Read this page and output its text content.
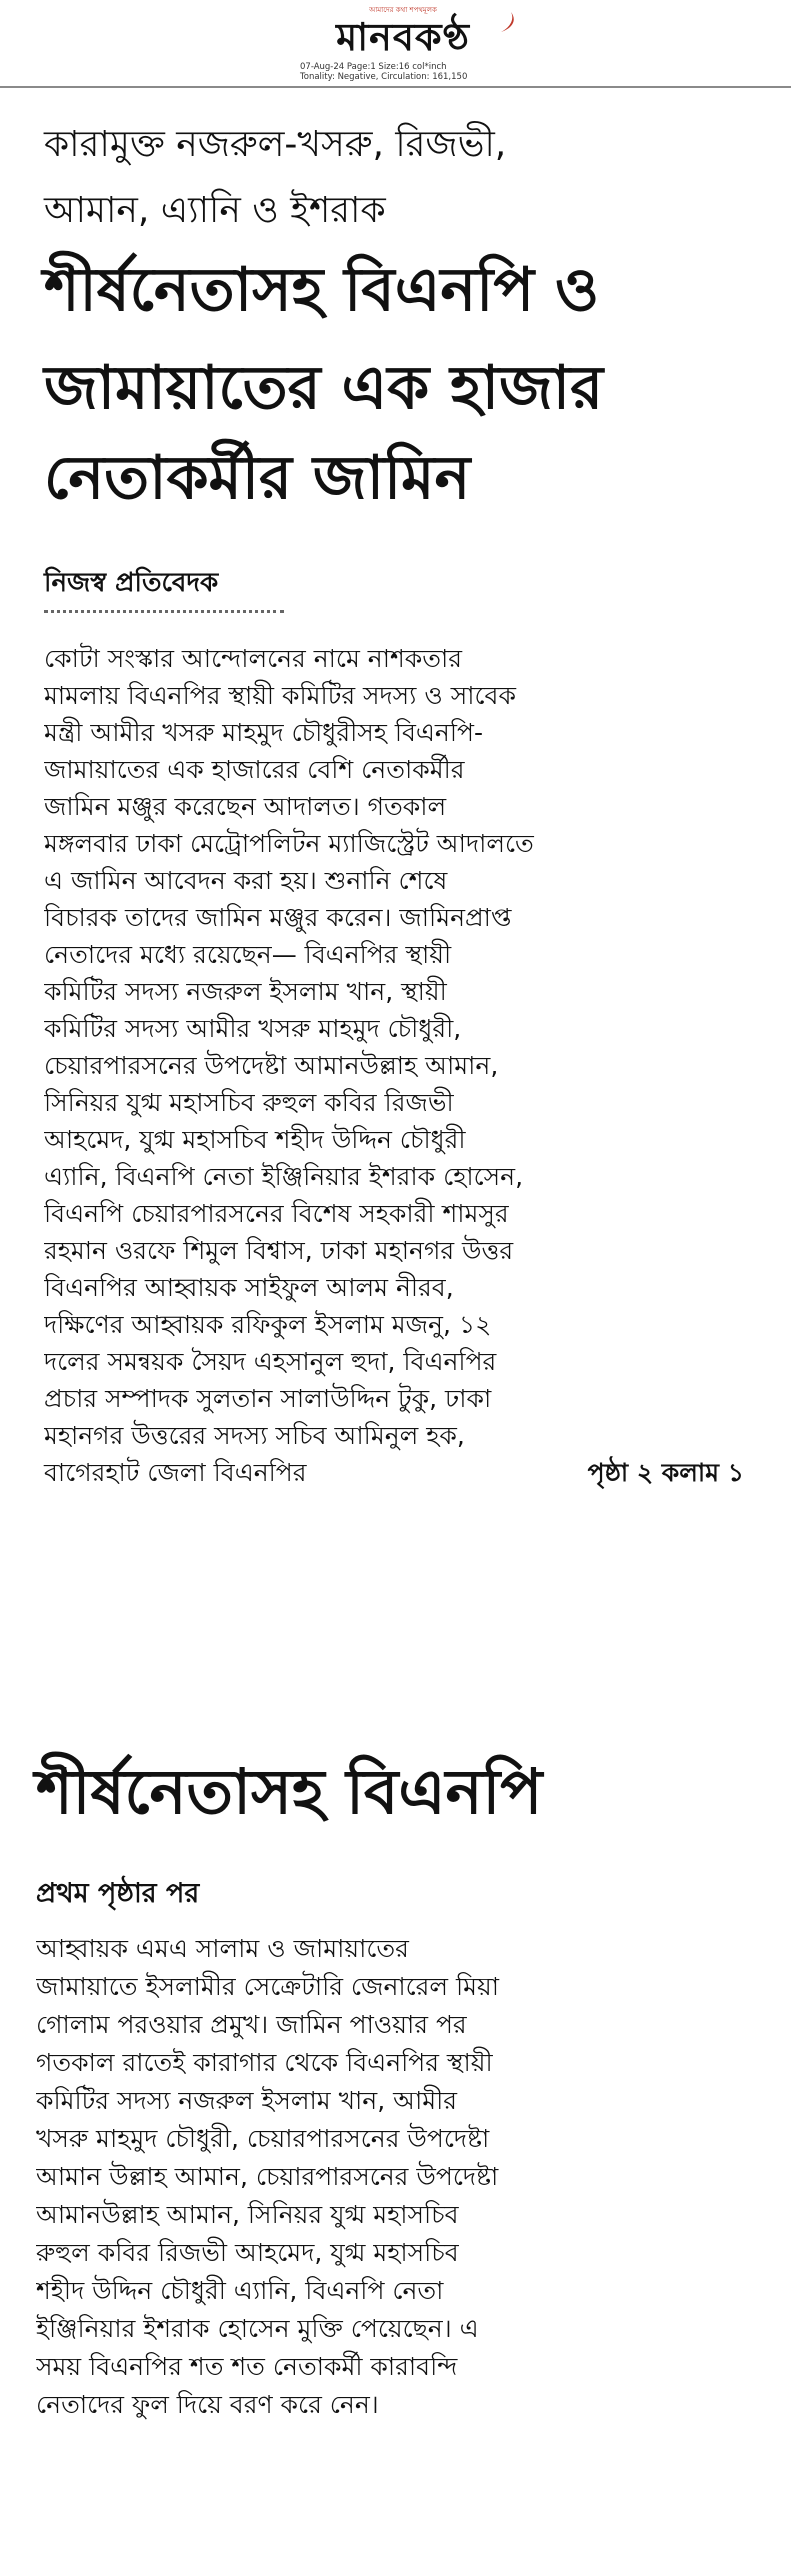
আমাদের কথা শপথমূলক
মানবকণ্ঠ
07-Aug-24 Page:1 Size:16 col*inch
Tonality: Negative, Circulation: 161,150
কারামুক্ত নজরুল-খসরু, রিজভী,
আমান, এ্যানি ও ইশরাক
শীর্ষনেতাসহ বিএনপি ও
জামায়াতের এক হাজার
নেতাকর্মীর জামিন
নিজস্ব প্রতিবেদক
কোটা সংস্কার আন্দোলনের নামে নাশকতার
মামলায় বিএনপির স্থায়ী কমিটির সদস্য ও সাবেক
মন্ত্রী আমীর খসরু মাহমুদ চৌধুরীসহ বিএনপি-
জামায়াতের এক হাজারের বেশি নেতাকর্মীর
জামিন মঞ্জুর করেছেন আদালত। গতকাল
মঙ্গলবার ঢাকা মেট্রোপলিটন ম্যাজিস্ট্রেট আদালতে
এ জামিন আবেদন করা হয়। শুনানি শেষে
বিচারক তাদের জামিন মঞ্জুর করেন। জামিনপ্রাপ্ত
নেতাদের মধ্যে রয়েছেন— বিএনপির স্থায়ী
কমিটির সদস্য নজরুল ইসলাম খান, স্থায়ী
কমিটির সদস্য আমীর খসরু মাহমুদ চৌধুরী,
চেয়ারপারসনের উপদেষ্টা আমানউল্লাহ আমান,
সিনিয়র যুগ্ম মহাসচিব রুহুল কবির রিজভী
আহমেদ, যুগ্ম মহাসচিব শহীদ উদ্দিন চৌধুরী
এ্যানি, বিএনপি নেতা ইঞ্জিনিয়ার ইশরাক হোসেন,
বিএনপি চেয়ারপারসনের বিশেষ সহকারী শামসুর
রহমান ওরফে শিমুল বিশ্বাস, ঢাকা মহানগর উত্তর
বিএনপির আহ্বায়ক সাইফুল আলম নীরব,
দক্ষিণের আহ্বায়ক রফিকুল ইসলাম মজনু, ১২
দলের সমন্বয়ক সৈয়দ এহসানুল হুদা, বিএনপির
প্রচার সম্পাদক সুলতান সালাউদ্দিন টুকু, ঢাকা
মহানগর উত্তরের সদস্য সচিব আমিনুল হক,
বাগেরহাট জেলা বিএনপির	পৃষ্ঠা ২ কলাম ১
শীর্ষনেতাসহ বিএনপি
প্রথম পৃষ্ঠার পর
আহ্বায়ক এমএ সালাম ও জামায়াতের
জামায়াতে ইসলামীর সেক্রেটারি জেনারেল মিয়া
গোলাম পরওয়ার প্রমুখ। জামিন পাওয়ার পর
গতকাল রাতেই কারাগার থেকে বিএনপির স্থায়ী
কমিটির সদস্য নজরুল ইসলাম খান, আমীর
খসরু মাহমুদ চৌধুরী, চেয়ারপারসনের উপদেষ্টা
আমান উল্লাহ আমান, চেয়ারপারসনের উপদেষ্টা
আমানউল্লাহ আমান, সিনিয়র যুগ্ম মহাসচিব
রুহুল কবির রিজভী আহমেদ, যুগ্ম মহাসচিব
শহীদ উদ্দিন চৌধুরী এ্যানি, বিএনপি নেতা
ইঞ্জিনিয়ার ইশরাক হোসেন মুক্তি পেয়েছেন। এ
সময় বিএনপির শত শত নেতাকর্মী কারাবন্দি
নেতাদের ফুল দিয়ে বরণ করে নেন।
